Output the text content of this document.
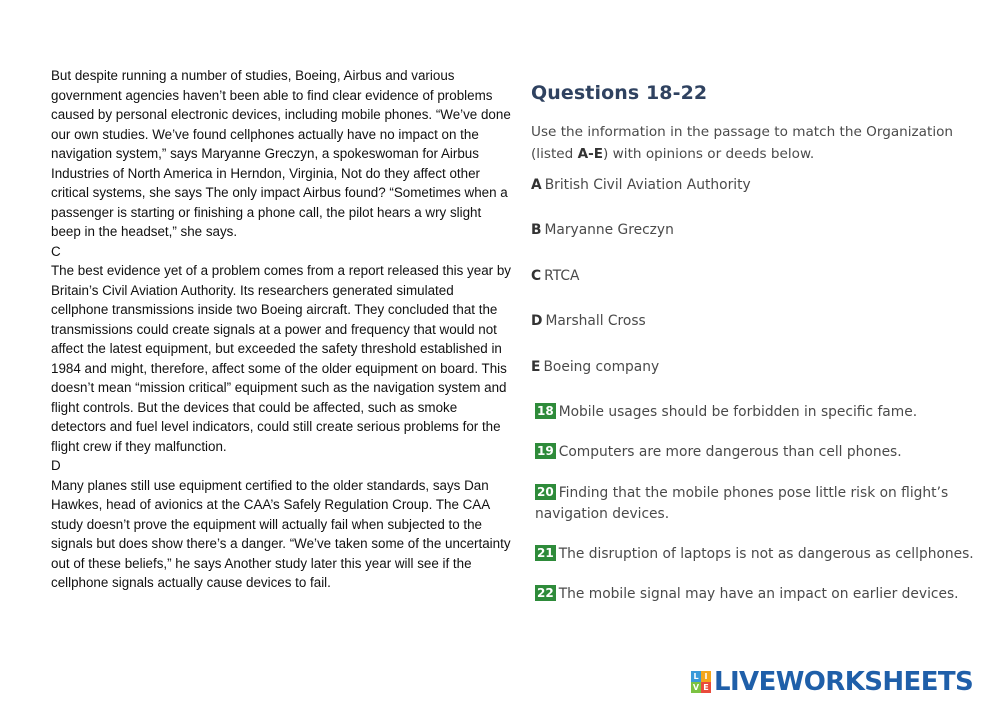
But despite running a number of studies, Boeing, Airbus and various government agencies haven’t been able to find clear evidence of problems caused by personal electronic devices, including mobile phones. “We’ve done our own studies. We’ve found cellphones actually have no impact on the navigation system,” says Maryanne Greczyn, a spokeswoman for Airbus Industries of North America in Herndon, Virginia, Not do they affect other critical systems, she says The only impact Airbus found? “Sometimes when a passenger is starting or finishing a phone call, the pilot hears a wry slight beep in the headset,” she says.

C

The best evidence yet of a problem comes from a report released this year by Britain’s Civil Aviation Authority. Its researchers generated simulated cellphone transmissions inside two Boeing aircraft. They concluded that the transmissions could create signals at a power and frequency that would not affect the latest equipment, but exceeded the safety threshold established in 1984 and might, therefore, affect some of the older equipment on board. This doesn’t mean “mission critical” equipment such as the navigation system and flight controls. But the devices that could be affected, such as smoke detectors and fuel level indicators, could still create serious problems for the flight crew if they malfunction.

D

Many planes still use equipment certified to the older standards, says Dan Hawkes, head of avionics at the CAA’s Safely Regulation Croup. The CAA study doesn’t prove the equipment will actually fail when subjected to the signals but does show there’s a danger. “We’ve taken some of the uncertainty out of these beliefs,” he says Another study later this year will see if the cellphone signals actually cause devices to fail.

Questions 18-22
Use the information in the passage to match the Organization (listed A-E) with opinions or deeds below.
A British Civil Aviation Authority
B Maryanne Greczyn
C RTCA
D Marshall Cross
E Boeing company
18 Mobile usages should be forbidden in specific fame.
19 Computers are more dangerous than cell phones.
20 Finding that the mobile phones pose little risk on flight’s navigation devices.
21 The disruption of laptops is not as dangerous as cellphones.
22 The mobile signal may have an impact on earlier devices.
L I
V E LIVEWORKSHEETS
